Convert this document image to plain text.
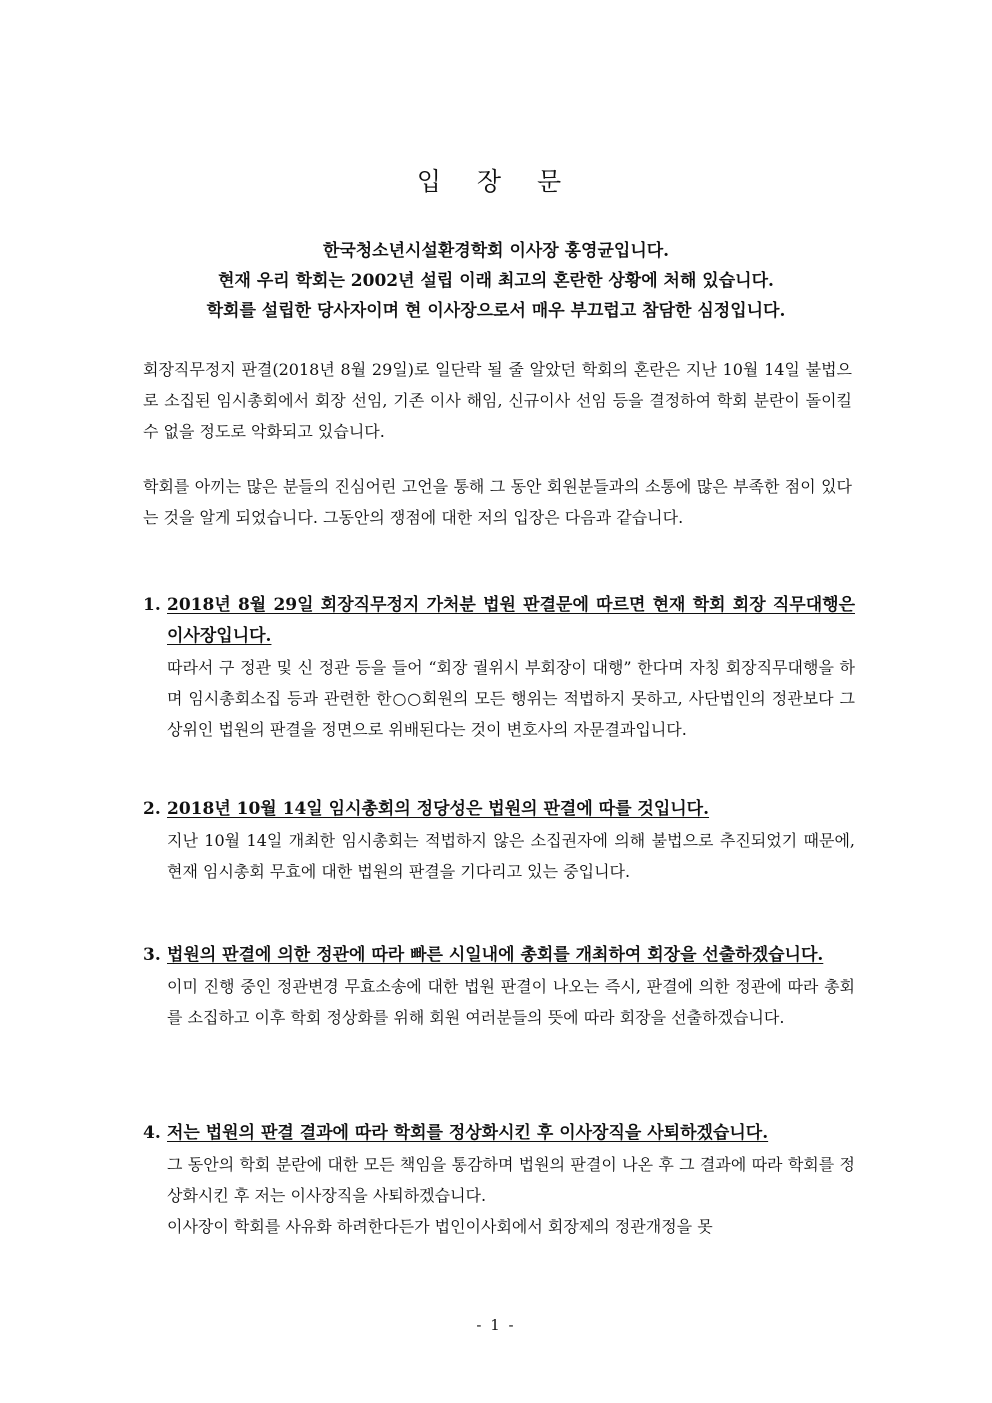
입 장 문
한국청소년시설환경학회 이사장 홍영균입니다.
현재 우리 학회는 2002년 설립 이래 최고의 혼란한 상황에 처해 있습니다.
학회를 설립한 당사자이며 현 이사장으로서 매우 부끄럽고 참담한 심정입니다.
회장직무정지 판결(2018년 8월 29일)로 일단락 될 줄 알았던 학회의 혼란은 지난 10월 14일 불법으로 소집된 임시총회에서 회장 선임, 기존 이사 해임, 신규이사 선임 등을 결정하여 학회 분란이 돌이킬 수 없을 정도로 악화되고 있습니다.
학회를 아끼는 많은 분들의 진심어린 고언을 통해 그 동안 회원분들과의 소통에 많은 부족한 점이 있다는 것을 알게 되었습니다. 그동안의 쟁점에 대한 저의 입장은 다음과 같습니다.
1. 2018년 8월 29일 회장직무정지 가처분 법원 판결문에 따르면 현재 학회 회장 직무대행은 이사장입니다.
따라서 구 정관 및 신 정관 등을 들어 “회장 궐위시 부회장이 대행” 한다며 자칭 회장직무대행을 하며 임시총회소집 등과 관련한 한○○회원의 모든 행위는 적법하지 못하고, 사단법인의 정관보다 그 상위인 법원의 판결을 정면으로 위배된다는 것이 변호사의 자문결과입니다.
2. 2018년 10월 14일 임시총회의 정당성은 법원의 판결에 따를 것입니다.
지난 10월 14일 개최한 임시총회는 적법하지 않은 소집권자에 의해 불법으로 추진되었기 때문에, 현재 임시총회 무효에 대한 법원의 판결을 기다리고 있는 중입니다.
3. 법원의 판결에 의한 정관에 따라 빠른 시일내에 총회를 개최하여 회장을 선출하겠습니다.
이미 진행 중인 정관변경 무효소송에 대한 법원 판결이 나오는 즉시, 판결에 의한 정관에 따라 총회를 소집하고 이후 학회 정상화를 위해 회원 여러분들의 뜻에 따라 회장을 선출하겠습니다.
4. 저는 법원의 판결 결과에 따라 학회를 정상화시킨 후 이사장직을 사퇴하겠습니다.
그 동안의 학회 분란에 대한 모든 책임을 통감하며 법원의 판결이 나온 후 그 결과에 따라 학회를 정상화시킨 후 저는 이사장직을 사퇴하겠습니다.
이사장이 학회를 사유화 하려한다든가 법인이사회에서 회장제의 정관개정을 못
- 1 -
